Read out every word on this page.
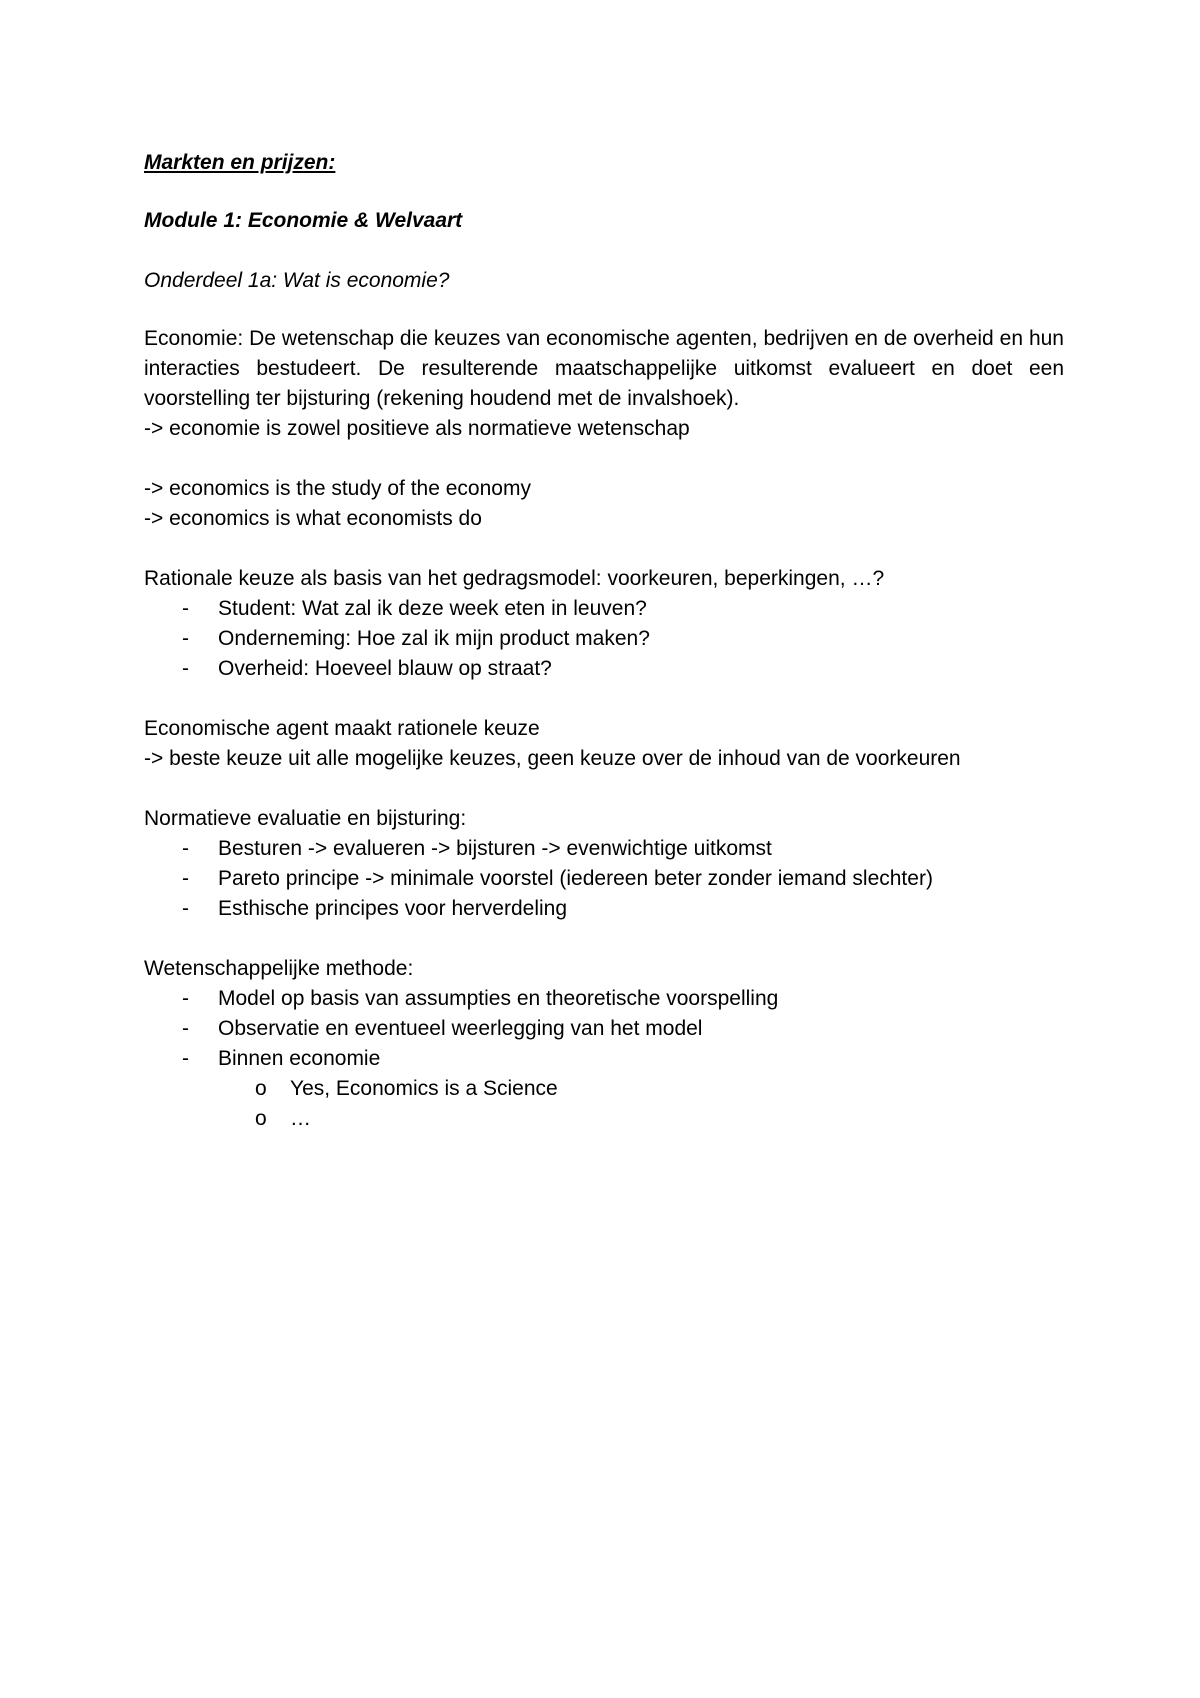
Markten en prijzen:
Module 1: Economie & Welvaart
Onderdeel 1a: Wat is economie?
Economie: De wetenschap die keuzes van economische agenten, bedrijven en de overheid en hun interacties bestudeert. De resulterende maatschappelijke uitkomst evalueert en doet een voorstelling ter bijsturing (rekening houdend met de invalshoek).
-> economie is zowel positieve als normatieve wetenschap
-> economics is the study of the economy
-> economics is what economists do
Rationale keuze als basis van het gedragsmodel: voorkeuren, beperkingen, …?
- Student: Wat zal ik deze week eten in leuven?
- Onderneming: Hoe zal ik mijn product maken?
- Overheid: Hoeveel blauw op straat?
Economische agent maakt rationele keuze
-> beste keuze uit alle mogelijke keuzes, geen keuze over de inhoud van de voorkeuren
Normatieve evaluatie en bijsturing:
- Besturen -> evalueren -> bijsturen -> evenwichtige uitkomst
- Pareto principe -> minimale voorstel (iedereen beter zonder iemand slechter)
- Esthische principes voor herverdeling
Wetenschappelijke methode:
- Model op basis van assumpties en theoretische voorspelling
- Observatie en eventueel weerlegging van het model
- Binnen economie
o Yes, Economics is a Science
o …
